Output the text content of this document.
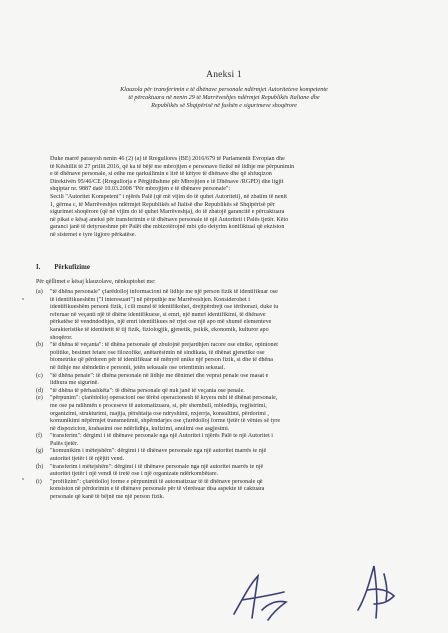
Aneksi 1
Klauzola për transferimin e të dhënave personale ndërmjet Autoriteteve kompetente
të përcaktuara në nenin 29 të Marrëveshjes ndërmjet Republikës Italiane dhe
Republikës së Shqipërisë në fushën e sigurimeve shoqërore
Duke marrë parasysh nenin 46 (2) (a) të Rregullores (BE) 2016/679 të Parlamentit Evropian dhe
të Këshillit të 27 prillit 2016, që ka të bëjë me mbrojtjen e personave fizikë në lidhje me përpunimin
e të dhënave personale, si edhe me qarkullimin e lirë të këtyre të dhënave dhe që shfuqizon
Direktivën 95/46/CE (Rregullorja e Përgjithshme për Mbrojtjen e të Dhënave /RGPD) dhe ligjit
shqiptar nr. 9887 datë 10.03.2008 "Për mbrojtjen e të dhënave personale":
Secili "Autoritet Kompetent" i njërës Palë (që më vijim do të quhet Autoriteti), në zbatim të nenit
1, gërma c, të Marrëveshjes ndërmjet Republikës së Italisë dhe Republikës së Shqipërisë për
sigurimet shoqërore (që në vijim do të quhet Marrëveshja), do të zbatojë garancitë e përcaktuara
në pikat e kësaj aneksi për transferimin e të dhënave personale të një Autoriteti i Palës tjetër. Këto
garanci janë të detyrueshme për Palët dhe mbizotërojnë mbi çdo detyrim konfliktual që ekziston
në sistemet e tyre ligjore përkatëse.
I. Përkufizime
Për qëllimet e kësaj klauzolave, nënkuptohet me:
(a)	"të dhëna personale" çfarëdolloj informacioni në lidhje me një person fizik të identifikuar ose
të identifikueshëm ("I interesuari") në përputhje me Marrëveshjen. Konsiderohet i
identifikueshëm personi fizik, i cili mund të identifikohet, drejtpërdrejt ose tërthorazi, duke iu
referuar në veçanti një të dhëne identifikuese, si emri, një numri identifikimi, të dhënave
përkatëse të vendndodhjes, një emri identifikues në rrjet ose një apo më shumë elementeve
karakteristike të identitetit të tij fizik, fiziologjik, gjenetik, psikik, ekonomik, kulturor apo
shoqëror.
(b)	"të dhëna të veçanta": të dhëna personale që zbulojnë prejardhjen racore ose etnike, opinionet
politike, besimet fetare ose filozofike, anëtarësimin në sindikata, të dhënat gjenetike ose
biometrike që përdoren për të identifikuar në mënyrë unike një person fizik, si dhe të dhëna
në lidhje me shëndetin e personit, jetën seksuale ose orientimin seksual.
(c)	"të dhëna penale": të dhëna personale në lidhje me dënimet dhe veprat penale ose masat e
lidhura me sigurinë.
(d)	"të dhëna të përhashkëta": të dhëna personale që nuk janë të veçanta ose penale.
(e)	"përpunim": çfarëdolloj operacioni ose tërësi operacionesh të kryera mbi të dhënat personale,
me ose pa ndihmën e proceseve të automatizuara, si, për shembull, mbledhja, regjistrimi,
organizimi, strukturimi, ruajtja, përshtatja ose ndryshimi, nxjerrja, konsultimi, përdorimi ,
komunikimi nëpërmjet transmetimit, shpërndarjes ose çfarëdolloj forme tjetër të vënies së tyre
në dispozicion, krahasimi ose ndërlidhja, kufizimi, anulimi ose asgjesimi.
(f)	"transferim": dërgimi i të dhënave personale nga një Autoritet i njërës Palë te një Autoritet i
Palës tjetër.
(g)	"komunikim i mëtejshëm": dërgimi i të dhënave personale nga një autoritet marrës te një
autoritet tjetër i të njëjtit vend.
(h)	"transferim i mëtejshëm": dërgimi i të dhënave personale nga një autoritet marrës te një
autoritet tjetër i një vendi të tretë ose i një organizate ndërkombëtare.
(i)	"profilizim": çfarëdolloj forme e përpunimit të automatizuar të të dhënave personale që
konsiston në përdorimin e të dhënave personale për të vlerësuar disa aspekte të caktuara
personale që kanë të bëjnë me një person fizik.
